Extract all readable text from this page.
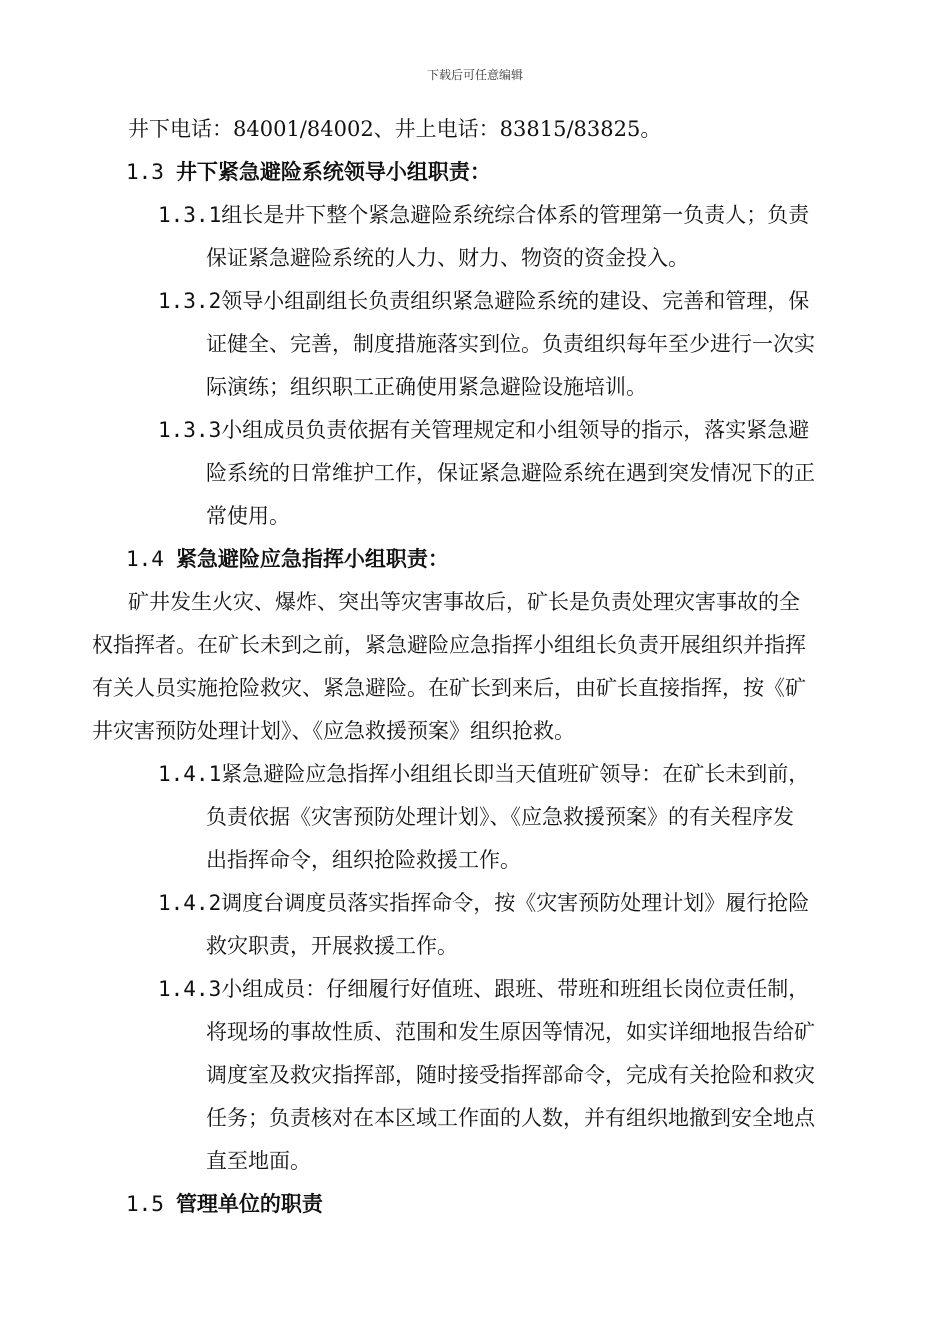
下载后可任意编辑
井下电话：84001/84002、井上电话：83815/83825。
1.3 井下紧急避险系统领导小组职责：
1.3.1组长是井下整个紧急避险系统综合体系的管理第一负责人；负责
保证紧急避险系统的人力、财力、物资的资金投入。
1.3.2领导小组副组长负责组织紧急避险系统的建设、完善和管理，保
证健全、完善，制度措施落实到位。负责组织每年至少进行一次实
际演练；组织职工正确使用紧急避险设施培训。
1.3.3小组成员负责依据有关管理规定和小组领导的指示，落实紧急避
险系统的日常维护工作，保证紧急避险系统在遇到突发情况下的正
常使用。
1.4 紧急避险应急指挥小组职责：
矿井发生火灾、爆炸、突出等灾害事故后，矿长是负责处理灾害事故的全
权指挥者。在矿长未到之前，紧急避险应急指挥小组组长负责开展组织并指挥
有关人员实施抢险救灾、紧急避险。在矿长到来后，由矿长直接指挥，按《矿
井灾害预防处理计划》、《应急救援预案》组织抢救。
1.4.1紧急避险应急指挥小组组长即当天值班矿领导：在矿长未到前，
负责依据《灾害预防处理计划》、《应急救援预案》的有关程序发
出指挥命令，组织抢险救援工作。
1.4.2调度台调度员落实指挥命令，按《灾害预防处理计划》履行抢险
救灾职责，开展救援工作。
1.4.3小组成员：仔细履行好值班、跟班、带班和班组长岗位责任制，
将现场的事故性质、范围和发生原因等情况，如实详细地报告给矿
调度室及救灾指挥部，随时接受指挥部命令，完成有关抢险和救灾
任务；负责核对在本区域工作面的人数，并有组织地撤到安全地点
直至地面。
1.5 管理单位的职责
